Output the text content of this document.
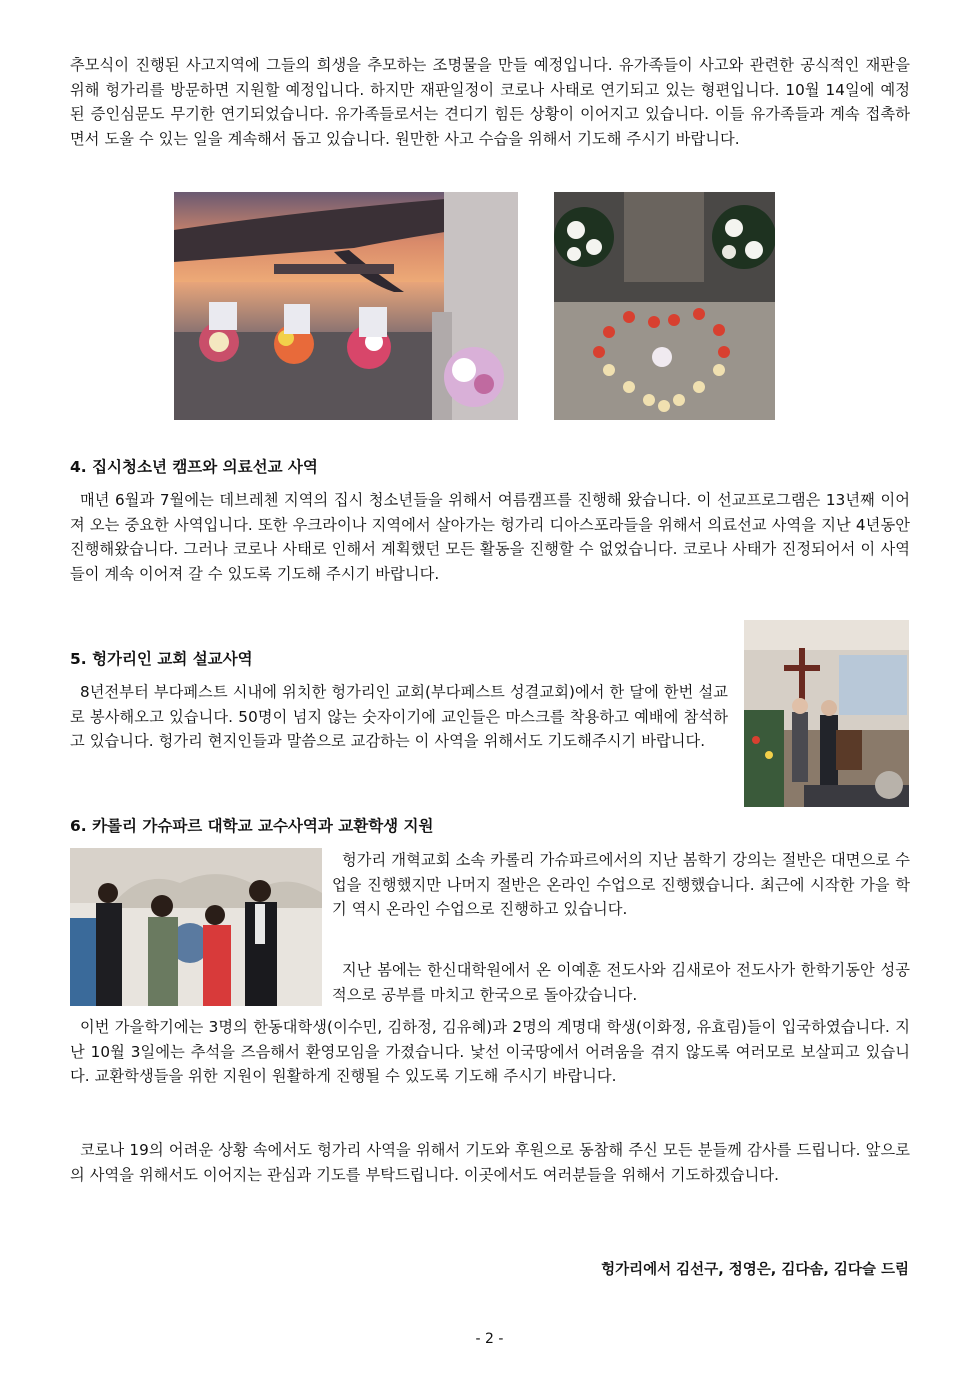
추모식이 진행된 사고지역에 그들의 희생을 추모하는 조명물을 만들 예정입니다. 유가족들이 사고와 관련한 공식적인 재판을 위해 헝가리를 방문하면 지원할 예정입니다. 하지만 재판일정이 코로나 사태로 연기되고 있는 형편입니다. 10월 14일에 예정된 증인심문도 무기한 연기되었습니다. 유가족들로서는 견디기 힘든 상황이 이어지고 있습니다. 이들 유가족들과 계속 접촉하면서 도울 수 있는 일을 계속해서 돕고 있습니다. 원만한 사고 수습을 위해서 기도해 주시기 바랍니다.

4. 집시청소년 캠프와 의료선교 사역

매년 6월과 7월에는 데브레첸 지역의 집시 청소년들을 위해서 여름캠프를 진행해 왔습니다. 이 선교프로그램은 13년째 이어져 오는 중요한 사역입니다. 또한 우크라이나 지역에서 살아가는 헝가리 디아스포라들을 위해서 의료선교 사역을 지난 4년동안 진행해왔습니다. 그러나 코로나 사태로 인해서 계획했던 모든 활동을 진행할 수 없었습니다. 코로나 사태가 진정되어서 이 사역들이 계속 이어져 갈 수 있도록 기도해 주시기 바랍니다.

5. 헝가리인 교회 설교사역

8년전부터 부다페스트 시내에 위치한 헝가리인 교회(부다페스트 성결교회)에서 한 달에 한번 설교로 봉사해오고 있습니다. 50명이 넘지 않는 숫자이기에 교인들은 마스크를 착용하고 예배에 참석하고 있습니다. 헝가리 현지인들과 말씀으로 교감하는 이 사역을 위해서도 기도해주시기 바랍니다.

6. 카롤리 가슈파르 대학교 교수사역과 교환학생 지원

헝가리 개혁교회 소속 카롤리 가슈파르에서의 지난 봄학기 강의는 절반은 대면으로 수업을 진행했지만 나머지 절반은 온라인 수업으로 진행했습니다. 최근에 시작한 가을 학기 역시 온라인 수업으로 진행하고 있습니다.

지난 봄에는 한신대학원에서 온 이예훈 전도사와 김새로아 전도사가 한학기동안 성공적으로 공부를 마치고 한국으로 돌아갔습니다.

이번 가을학기에는 3명의 한동대학생(이수민, 김하정, 김유혜)과 2명의 계명대 학생(이화정, 유효림)들이 입국하였습니다. 지난 10월 3일에는 추석을 즈음해서 환영모임을 가졌습니다. 낯선 이국땅에서 어려움을 겪지 않도록 여러모로 보살피고 있습니다. 교환학생들을 위한 지원이 원활하게 진행될 수 있도록 기도해 주시기 바랍니다.

코로나 19의 어려운 상황 속에서도 헝가리 사역을 위해서 기도와 후원으로 동참해 주신 모든 분들께 감사를 드립니다. 앞으로의 사역을 위해서도 이어지는 관심과 기도를 부탁드립니다. 이곳에서도 여러분들을 위해서 기도하겠습니다.

헝가리에서 김선구, 정영은, 김다솜, 김다슬 드림
- 2 -
